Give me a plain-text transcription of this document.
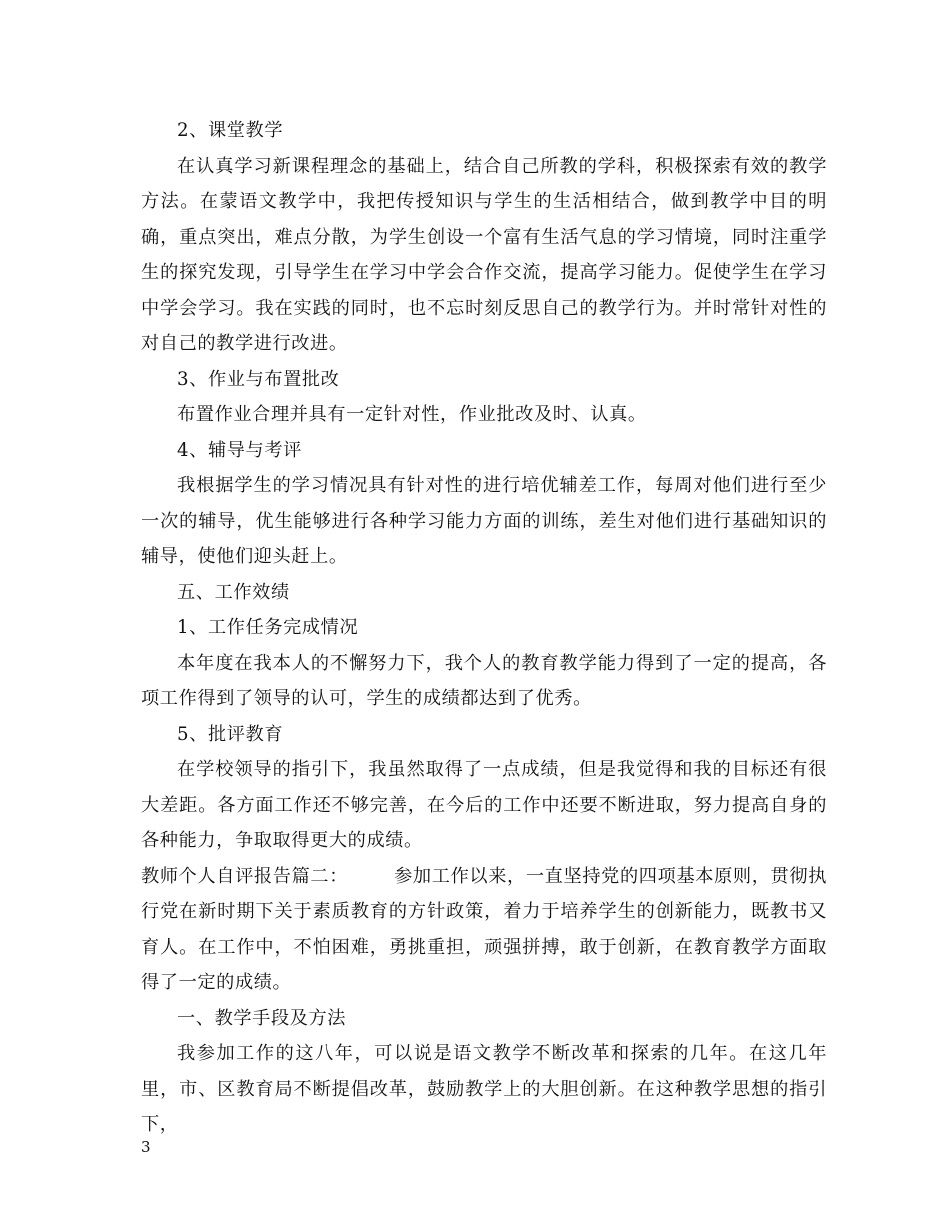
2、课堂教学

在认真学习新课程理念的基础上，结合自己所教的学科，积极探索有效的教学方法。在蒙语文教学中，我把传授知识与学生的生活相结合，做到教学中目的明确，重点突出，难点分散，为学生创设一个富有生活气息的学习情境，同时注重学生的探究发现，引导学生在学习中学会合作交流，提高学习能力。促使学生在学习中学会学习。我在实践的同时，也不忘时刻反思自己的教学行为。并时常针对性的对自己的教学进行改进。

3、作业与布置批改

布置作业合理并具有一定针对性，作业批改及时、认真。

4、辅导与考评

我根据学生的学习情况具有针对性的进行培优辅差工作，每周对他们进行至少一次的辅导，优生能够进行各种学习能力方面的训练，差生对他们进行基础知识的辅导，使他们迎头赶上。

五、工作效绩

1、工作任务完成情况

本年度在我本人的不懈努力下，我个人的教育教学能力得到了一定的提高，各项工作得到了领导的认可，学生的成绩都达到了优秀。

5、批评教育

在学校领导的指引下，我虽然取得了一点成绩，但是我觉得和我的目标还有很大差距。各方面工作还不够完善，在今后的工作中还要不断进取，努力提高自身的各种能力，争取取得更大的成绩。

教师个人自评报告篇二：	参加工作以来，一直坚持党的四项基本原则，贯彻执行党在新时期下关于素质教育的方针政策，着力于培养学生的创新能力，既教书又育人。在工作中，不怕困难，勇挑重担，顽强拼搏，敢于创新，在教育教学方面取得了一定的成绩。

一、教学手段及方法

我参加工作的这八年，可以说是语文教学不断改革和探索的几年。在这几年里，市、区教育局不断提倡改革，鼓励教学上的大胆创新。在这种教学思想的指引下，

3
